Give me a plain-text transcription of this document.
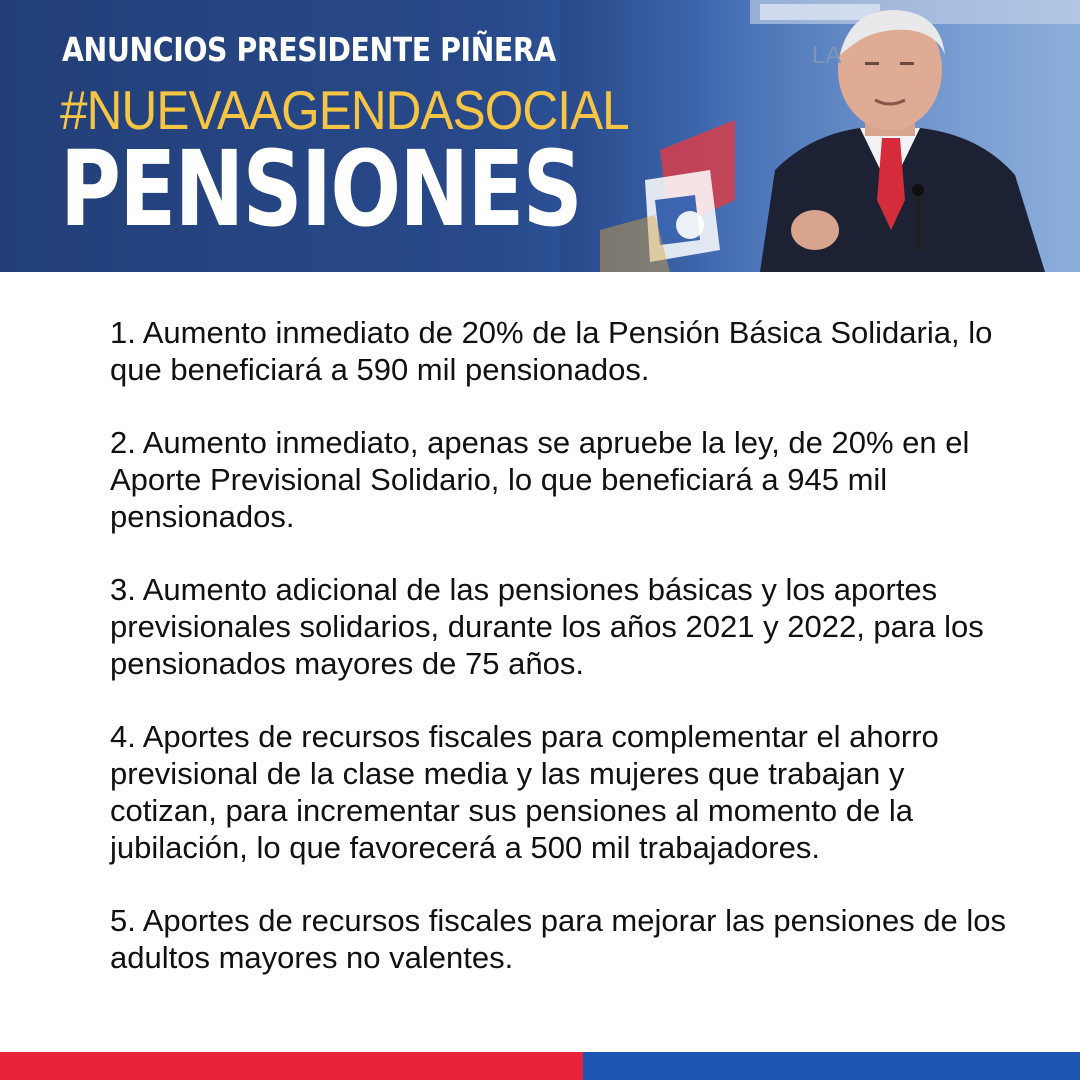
LA
ANUNCIOS PRESIDENTE PIÑERA
#NUEVAAGENDASOCIAL
PENSIONES

1. Aumento inmediato de 20% de la Pensión Básica Solidaria, lo que beneficiará a 590 mil pensionados.

2. Aumento inmediato, apenas se apruebe la ley, de 20% en el Aporte Previsional Solidario, lo que beneficiará a 945 mil pensionados.

3. Aumento adicional de las pensiones básicas y los aportes previsionales solidarios, durante los años 2021 y 2022, para los pensionados mayores de 75 años.

4. Aportes de recursos fiscales para complementar el ahorro previsional de la clase media y las mujeres que trabajan y cotizan, para incrementar sus pensiones al momento de la jubilación, lo que favorecerá a 500 mil trabajadores.

5. Aportes de recursos fiscales para mejorar las pensiones de los adultos mayores no valentes.
